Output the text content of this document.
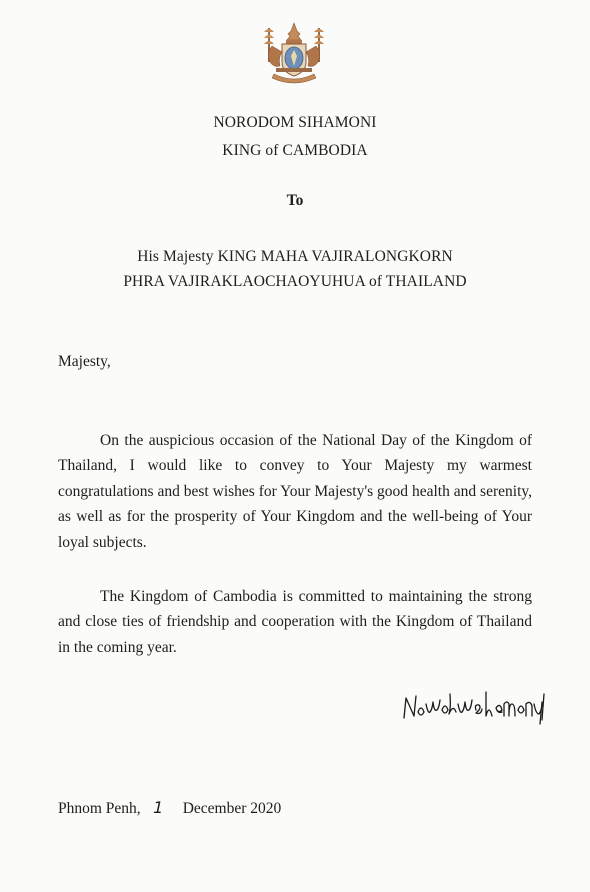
NORODOM SIHAMONI
KING of CAMBODIA
To
His Majesty KING MAHA VAJIRALONGKORN
PHRA VAJIRAKLAOCHAOYUHUA of THAILAND
Majesty,

On the auspicious occasion of the National Day of the Kingdom of Thailand, I would like to convey to Your Majesty my warmest congratulations and best wishes for Your Majesty's good health and serenity, as well as for the prosperity of Your Kingdom and the well-being of Your loyal subjects.

The Kingdom of Cambodia is committed to maintaining the strong and close ties of friendship and cooperation with the Kingdom of Thailand in the coming year.

Phnom Penh, 1 December 2020
